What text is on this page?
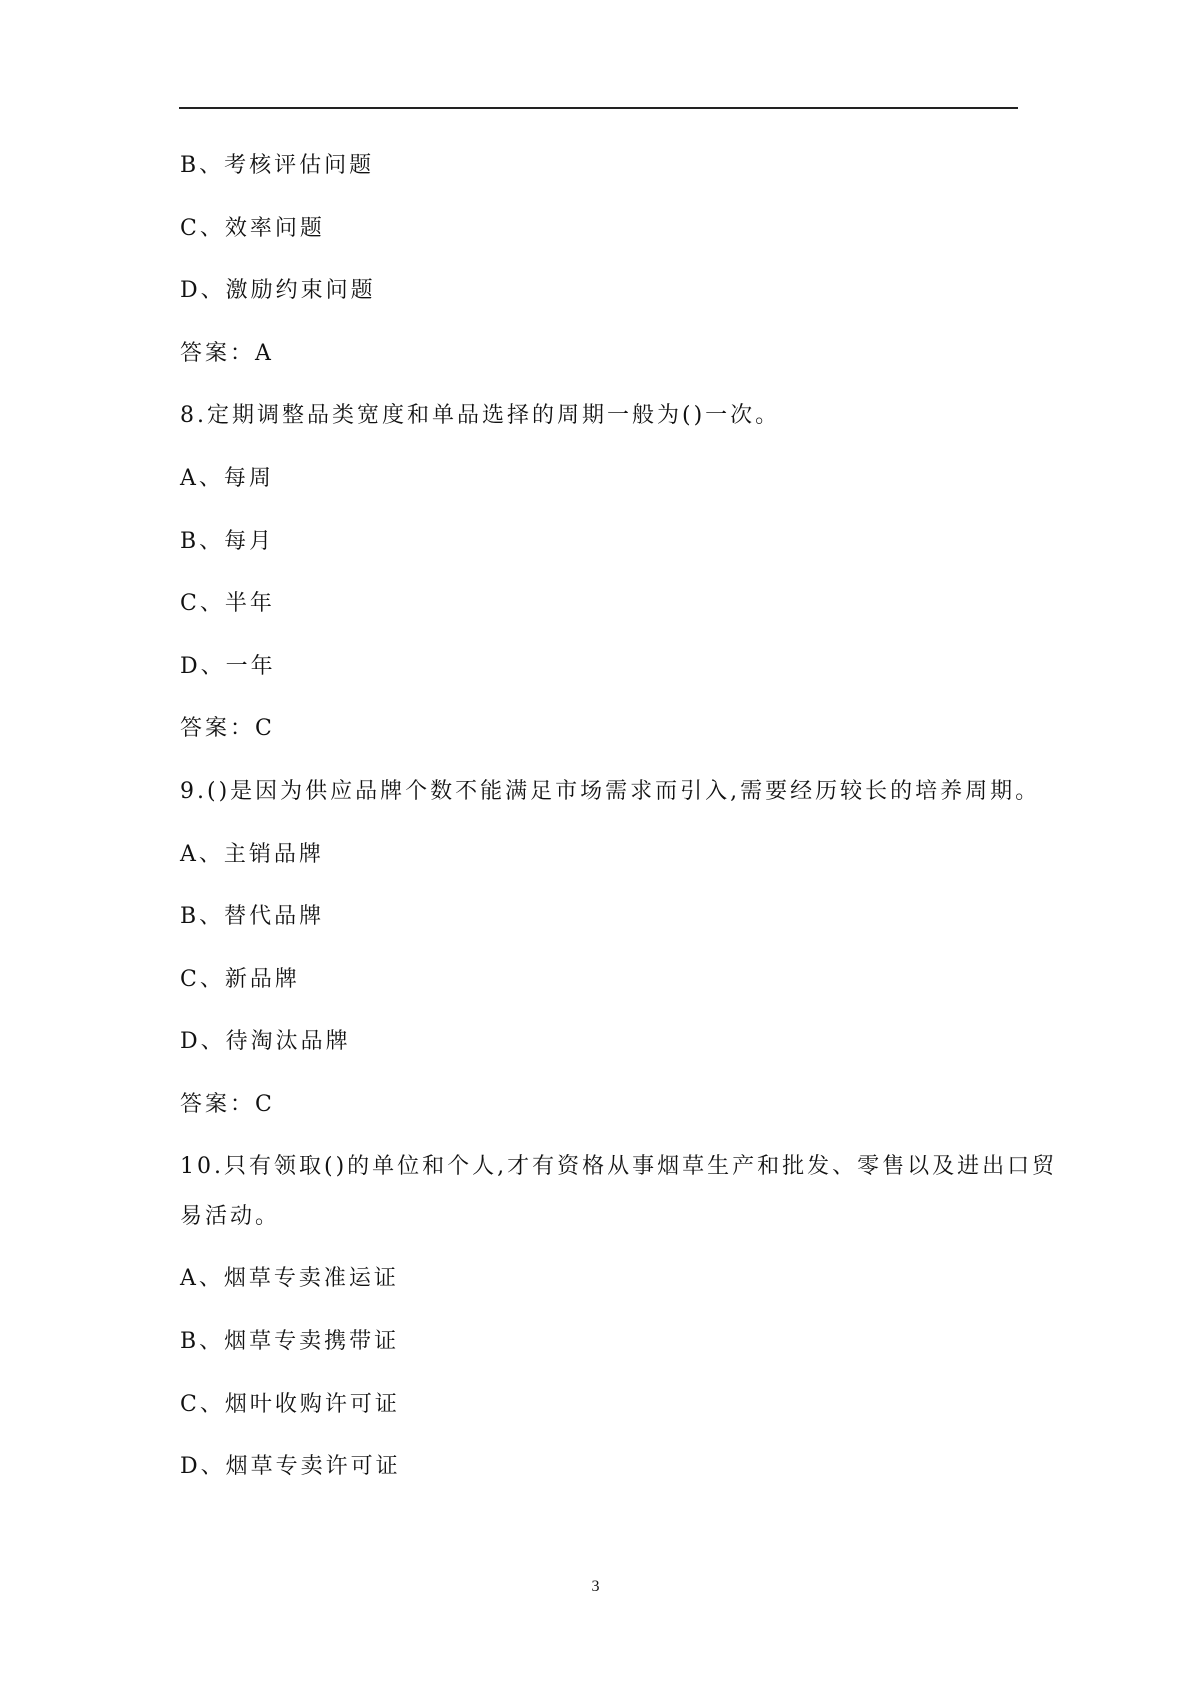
B、考核评估问题
C、效率问题
D、激励约束问题
答案：A
8.定期调整品类宽度和单品选择的周期一般为()一次。
A、每周
B、每月
C、半年
D、一年
答案：C
9.()是因为供应品牌个数不能满足市场需求而引入,需要经历较长的培养周期。
A、主销品牌
B、替代品牌
C、新品牌
D、待淘汰品牌
答案：C
10.只有领取()的单位和个人,才有资格从事烟草生产和批发、零售以及进出口贸
易活动。
A、烟草专卖准运证
B、烟草专卖携带证
C、烟叶收购许可证
D、烟草专卖许可证
3
